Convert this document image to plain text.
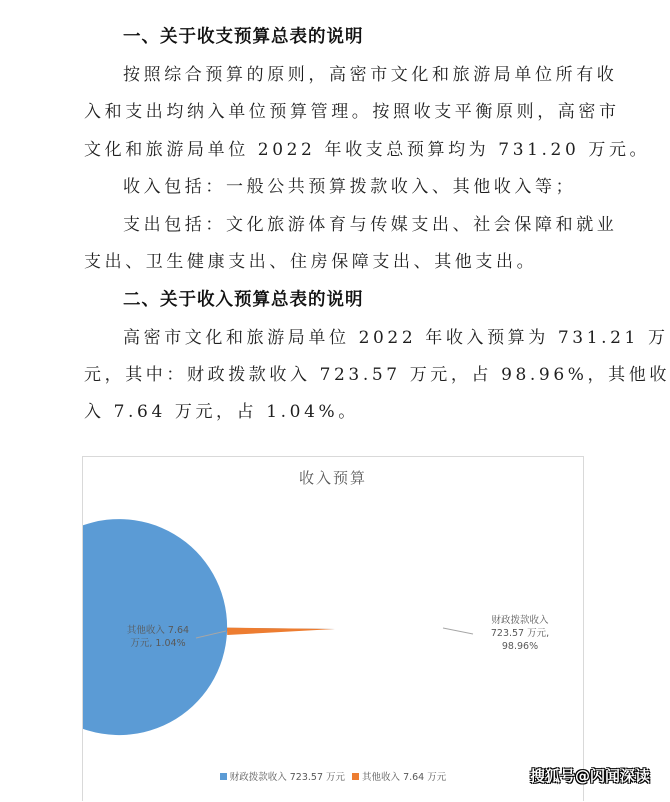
一、关于收支预算总表的说明
按照综合预算的原则，高密市文化和旅游局单位所有收
入和支出均纳入单位预算管理。按照收支平衡原则，高密市
文化和旅游局单位 2022 年收支总预算均为 731.20 万元。
收入包括：一般公共预算拨款收入、其他收入等；
支出包括：文化旅游体育与传媒支出、社会保障和就业
支出、卫生健康支出、住房保障支出、其他支出。
二、关于收入预算总表的说明
高密市文化和旅游局单位 2022 年收入预算为 731.21 万
元，其中：财政拨款收入 723.57 万元，占 98.96%，其他收
入 7.64 万元，占 1.04%。
收入预算
其他收入 7.64
万元, 1.04%
财政拨款收入
723.57 万元,
98.96%
财政拨款收入 723.57 万元 其他收入 7.64 万元	搜狐号@闪闻深读
